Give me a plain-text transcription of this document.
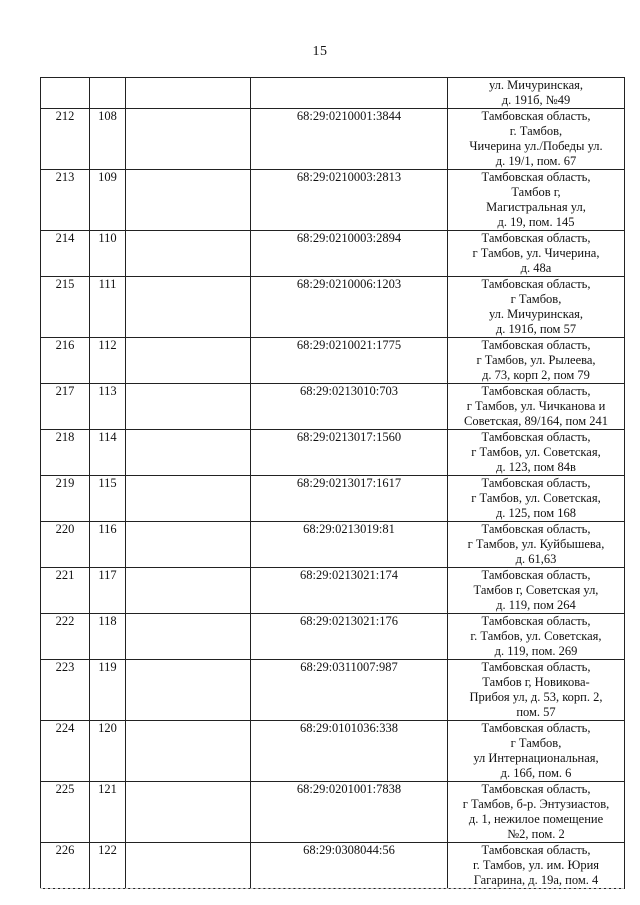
15

				ул. Мичуринская,
д. 191б, №49

212	108		68:29:0210001:3844	Тамбовская область,
г. Тамбов,
Чичерина ул./Победы ул.
д. 19/1, пом. 67

213	109		68:29:0210003:2813	Тамбовская область,
Тамбов г,
Магистральная ул,
д. 19, пом. 145

214	110		68:29:0210003:2894	Тамбовская область,
г Тамбов, ул. Чичерина,
д. 48а

215	111		68:29:0210006:1203	Тамбовская область,
г Тамбов,
ул. Мичуринская,
д. 191б, пом 57

216	112		68:29:0210021:1775	Тамбовская область,
г Тамбов, ул. Рылеева,
д. 73, корп 2, пом 79

217	113		68:29:0213010:703	Тамбовская область,
г Тамбов, ул. Чичканова и
Советская, 89/164, пом 241

218	114		68:29:0213017:1560	Тамбовская область,
г Тамбов, ул. Советская,
д. 123, пом 84в

219	115		68:29:0213017:1617	Тамбовская область,
г Тамбов, ул. Советская,
д. 125, пом 168

220	116		68:29:0213019:81	Тамбовская область,
г Тамбов, ул. Куйбышева,
д. 61,63

221	117		68:29:0213021:174	Тамбовская область,
Тамбов г, Советская ул,
д. 119, пом 264

222	118		68:29:0213021:176	Тамбовская область,
г. Тамбов, ул. Советская,
д. 119, пом. 269

223	119		68:29:0311007:987	Тамбовская область,
Тамбов г, Новикова-
Прибоя ул, д. 53, корп. 2,
пом. 57

224	120		68:29:0101036:338	Тамбовская область,
г Тамбов,
ул Интернациональная,
д. 16б, пом. 6

225	121		68:29:0201001:7838	Тамбовская область,
г Тамбов, б-р. Энтузиастов,
д. 1, нежилое помещение
№2, пом. 2

226	122		68:29:0308044:56	Тамбовская область,
г. Тамбов, ул. им. Юрия
Гагарина, д. 19а, пом. 4
